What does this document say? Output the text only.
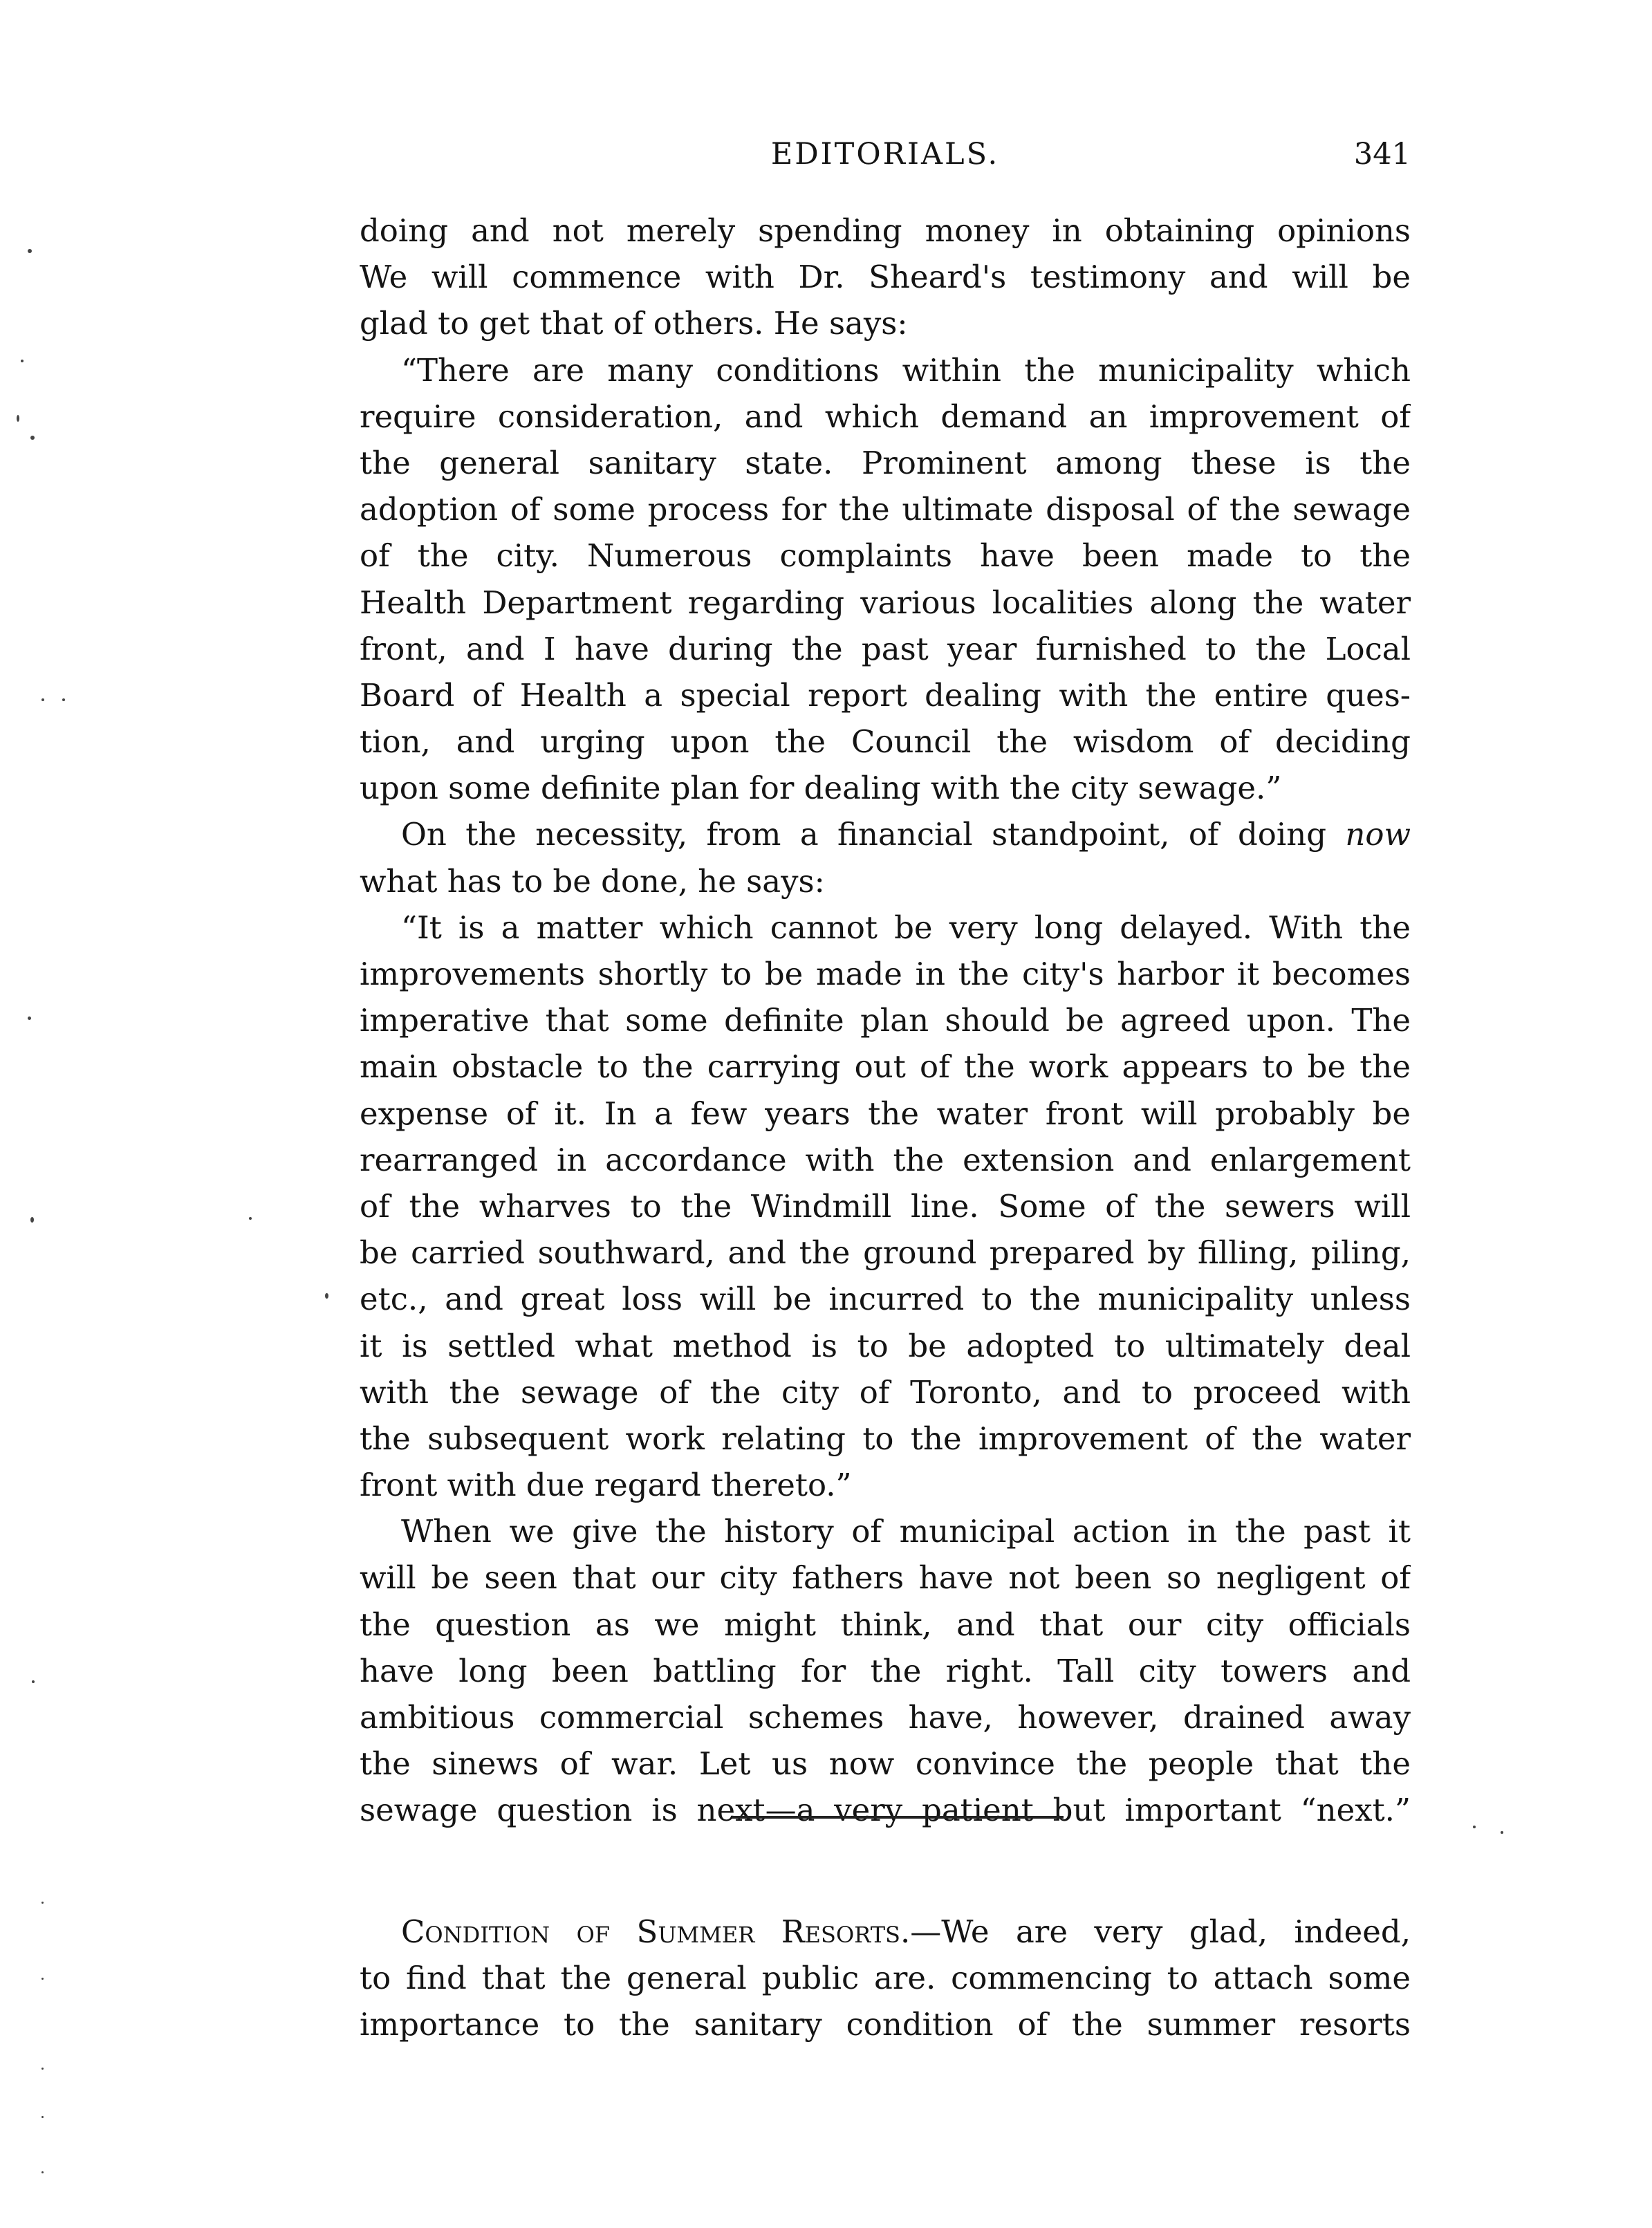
EDITORIALS.	341
doing and not merely spending money in obtaining opinions
We will commence with Dr. Sheard's testimony and will be
glad to get that of others. He says:
“There are many conditions within the municipality which
require consideration, and which demand an improvement of
the general sanitary state. Prominent among these is the
adoption of some process for the ultimate disposal of the sewage
of the city. Numerous complaints have been made to the
Health Department regarding various localities along the water
front, and I have during the past year furnished to the Local
Board of Health a special report dealing with the entire ques-
tion, and urging upon the Council the wisdom of deciding
upon some definite plan for dealing with the city sewage.”
On the necessity, from a financial standpoint, of doing now
what has to be done, he says:
“It is a matter which cannot be very long delayed. With the
improvements shortly to be made in the city's harbor it becomes
imperative that some definite plan should be agreed upon. The
main obstacle to the carrying out of the work appears to be the
expense of it. In a few years the water front will probably be
rearranged in accordance with the extension and enlargement
of the wharves to the Windmill line. Some of the sewers will
be carried southward, and the ground prepared by filling, piling,
etc., and great loss will be incurred to the municipality unless
it is settled what method is to be adopted to ultimately deal
with the sewage of the city of Toronto, and to proceed with
the subsequent work relating to the improvement of the water
front with due regard thereto.”
When we give the history of municipal action in the past it
will be seen that our city fathers have not been so negligent of
the question as we might think, and that our city officials
have long been battling for the right. Tall city towers and
ambitious commercial schemes have, however, drained away
the sinews of war. Let us now convince the people that the
sewage question is next—a very patient but important “next.”
Condition of Summer Resorts.—We are very glad, indeed,
to find that the general public are. commencing to attach some
importance to the sanitary condition of the summer resorts
